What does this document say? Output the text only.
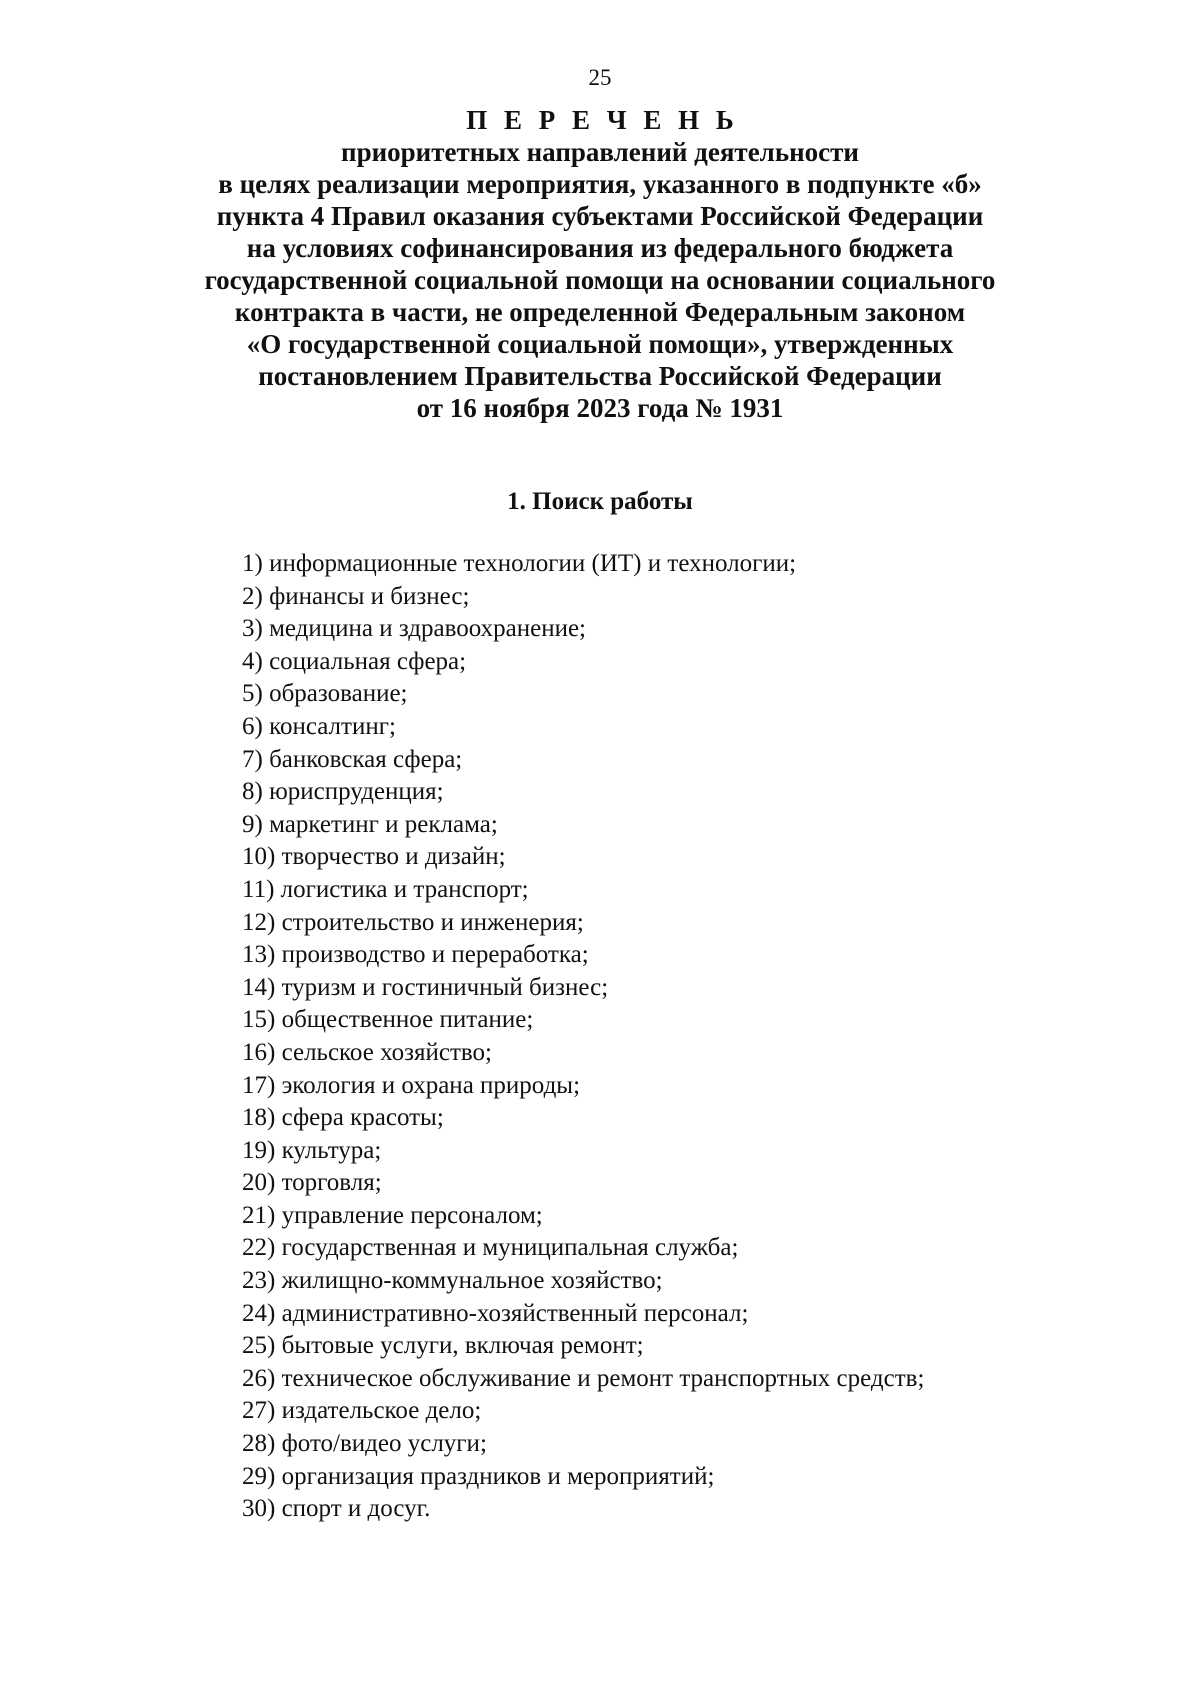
25
П Е Р Е Ч Е Н Ь
приоритетных направлений деятельности
в целях реализации мероприятия, указанного в подпункте «б»
пункта 4 Правил оказания субъектами Российской Федерации
на условиях софинансирования из федерального бюджета
государственной социальной помощи на основании социального
контракта в части, не определенной Федеральным законом
«О государственной социальной помощи», утвержденных
постановлением Правительства Российской Федерации
от 16 ноября 2023 года № 1931
1. Поиск работы
1) информационные технологии (ИТ) и технологии;
2) финансы и бизнес;
3) медицина и здравоохранение;
4) социальная сфера;
5) образование;
6) консалтинг;
7) банковская сфера;
8) юриспруденция;
9) маркетинг и реклама;
10) творчество и дизайн;
11) логистика и транспорт;
12) строительство и инженерия;
13) производство и переработка;
14) туризм и гостиничный бизнес;
15) общественное питание;
16) сельское хозяйство;
17) экология и охрана природы;
18) сфера красоты;
19) культура;
20) торговля;
21) управление персоналом;
22) государственная и муниципальная служба;
23) жилищно-коммунальное хозяйство;
24) административно-хозяйственный персонал;
25) бытовые услуги, включая ремонт;
26) техническое обслуживание и ремонт транспортных средств;
27) издательское дело;
28) фото/видео услуги;
29) организация праздников и мероприятий;
30) спорт и досуг.
